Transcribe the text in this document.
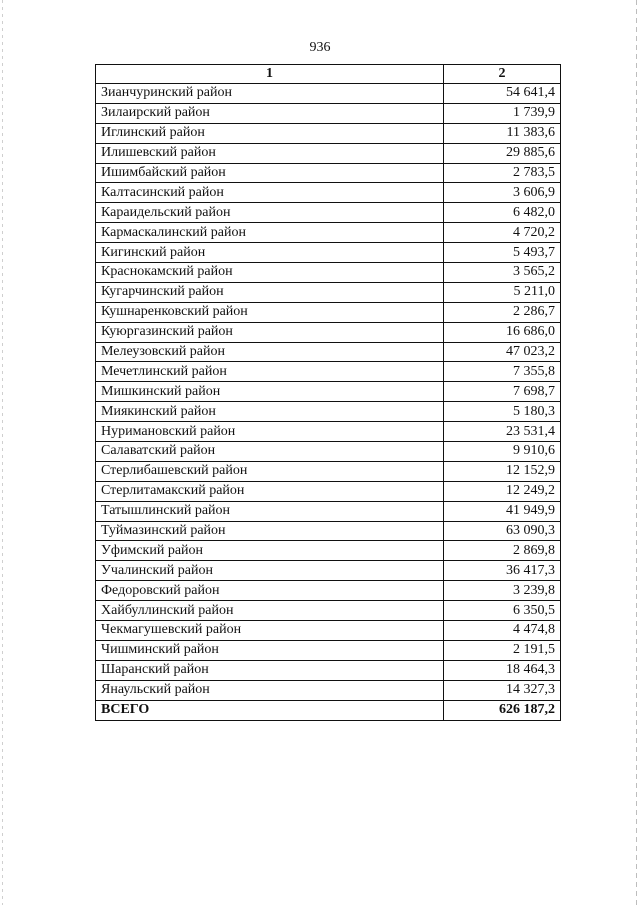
936
1	2
Зианчуринский район	54 641,4
Зилаирский район	1 739,9
Иглинский район	11 383,6
Илишевский район	29 885,6
Ишимбайский район	2 783,5
Калтасинский район	3 606,9
Караидельский район	6 482,0
Кармаскалинский район	4 720,2
Кигинский район	5 493,7
Краснокамский район	3 565,2
Кугарчинский район	5 211,0
Кушнаренковский район	2 286,7
Куюргазинский район	16 686,0
Мелеузовский район	47 023,2
Мечетлинский район	7 355,8
Мишкинский район	7 698,7
Миякинский район	5 180,3
Нуримановский район	23 531,4
Салаватский район	9 910,6
Стерлибашевский район	12 152,9
Стерлитамакский район	12 249,2
Татышлинский район	41 949,9
Туймазинский район	63 090,3
Уфимский район	2 869,8
Учалинский район	36 417,3
Федоровский район	3 239,8
Хайбуллинский район	6 350,5
Чекмагушевский район	4 474,8
Чишминский район	2 191,5
Шаранский район	18 464,3
Янаульский район	14 327,3
ВСЕГО	626 187,2
